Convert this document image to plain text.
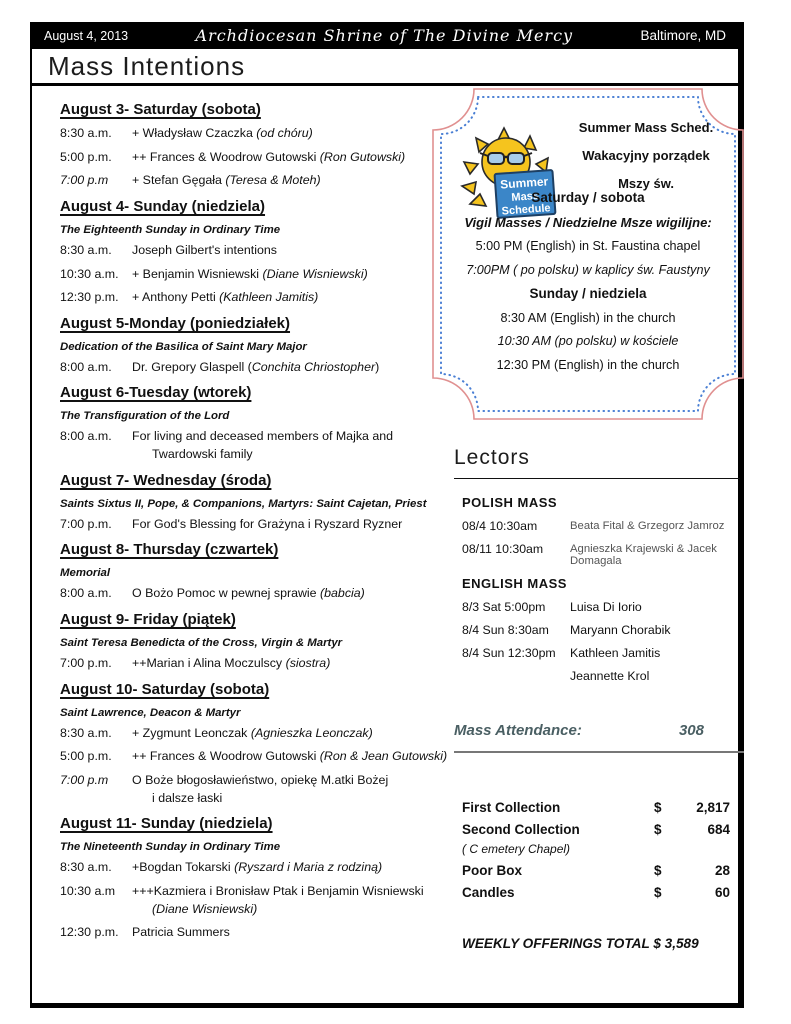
August 4, 2013	Archdiocesan Shrine of The Divine Mercy	Baltimore, MD
Mass Intentions
August 3- Saturday (sobota)
8:30 a.m.	+ Władysław Czaczka (od chóru)
5:00 p.m.	++ Frances & Woodrow Gutowski (Ron Gutowski)
7:00 p.m	+ Stefan Gęgała (Teresa & Moteh)
August 4- Sunday (niedziela)
The Eighteenth Sunday in Ordinary Time
8:30 a.m.	Joseph Gilbert's intentions
10:30 a.m.	+ Benjamin Wisniewski (Diane Wisniewski)
12:30 p.m.	+ Anthony Petti (Kathleen Jamitis)
August 5-Monday (poniedziałek)
Dedication of the Basilica of Saint Mary Major
8:00 a.m.	Dr. Grepory Glaspell (Conchita Chriostopher)
August 6-Tuesday (wtorek)
The Transfiguration of the Lord
8:00 a.m.	For living and deceased members of Majka and
Twardowski family
August 7- Wednesday (środa)
Saints Sixtus II, Pope, & Companions, Martyrs: Saint Cajetan, Priest
7:00 p.m.	For God's Blessing for Grażyna i Ryszard Ryzner
August 8- Thursday (czwartek)
Memorial
8:00 a.m.	O Bożo Pomoc w pewnej sprawie (babcia)
August 9- Friday (piątek)
Saint Teresa Benedicta of the Cross, Virgin & Martyr
7:00 p.m.	++Marian i Alina Moczulscy (siostra)
August 10- Saturday (sobota)
Saint Lawrence, Deacon & Martyr
8:30 a.m.	+ Zygmunt Leonczak (Agnieszka Leonczak)
5:00 p.m.	++ Frances & Woodrow Gutowski (Ron & Jean Gutowski)
7:00 p.m	O Boże błogosławieństwo, opiekę M.atki Bożej
i dalsze łaski
August 11- Sunday (niedziela)
The Nineteenth Sunday in Ordinary Time
8:30 a.m.	+Bogdan Tokarski (Ryszard i Maria z rodziną)
10:30 a.m	+++Kazmiera i Bronisław Ptak i Benjamin Wisniewski
(Diane Wisniewski)
12:30 p.m.	Patricia Summers
Summer
Mass
Schedule
Summer Mass Sched.
Wakacyjny porządek
Mszy św.
Saturday / sobota
Vigil Masses / Niedzielne Msze wigilijne:
5:00 PM (English) in St. Faustina chapel
7:00PM ( po polsku) w kaplicy św. Faustyny
Sunday / niedziela
8:30 AM (English) in the church
10:30 AM (po polsku) w kościele
12:30 PM (English) in the church
Lectors
POLISH MASS
08/4 10:30am	Beata Fital & Grzegorz Jamroz
08/11 10:30am	Agnieszka Krajewski & Jacek Domagala
ENGLISH MASS
8/3 Sat 5:00pm	Luisa Di Iorio
8/4 Sun 8:30am	Maryann Chorabik
8/4 Sun 12:30pm	Kathleen Jamitis
Jeannette Krol
Mass Attendance:	308
First Collection	$	2,817
Second Collection	$	684
( C emetery Chapel)
Poor Box	$	28
Candles	$	60
WEEKLY OFFERINGS TOTAL $ 3,589
